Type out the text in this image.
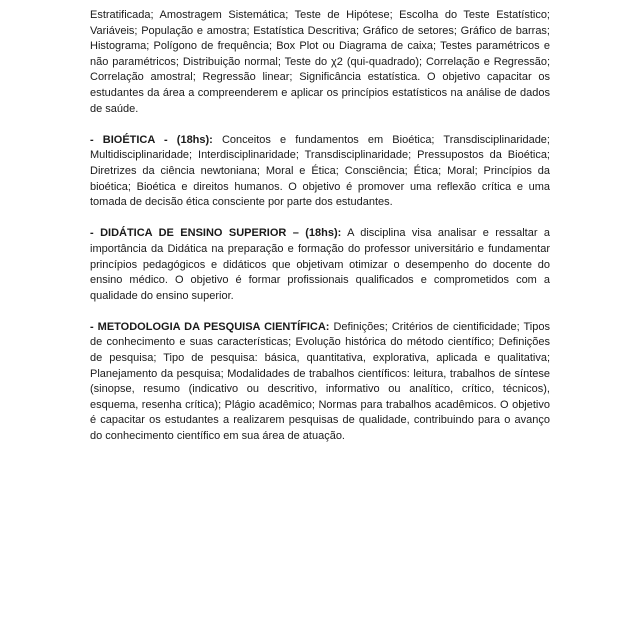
Estratificada; Amostragem Sistemática; Teste de Hipótese; Escolha do Teste Estatístico; Variáveis; População e amostra; Estatística Descritiva; Gráfico de setores; Gráfico de barras; Histograma; Polígono de frequência; Box Plot ou Diagrama de caixa; Testes paramétricos e não paramétricos; Distribuição normal; Teste do χ2 (qui-quadrado); Correlação e Regressão; Correlação amostral; Regressão linear; Significância estatística. O objetivo capacitar os estudantes da área a compreenderem e aplicar os princípios estatísticos na análise de dados de saúde.

- BIOÉTICA - (18hs): Conceitos e fundamentos em Bioética; Transdisciplinaridade; Multidisciplinaridade; Interdisciplinaridade; Transdisciplinaridade; Pressupostos da Bioética; Diretrizes da ciência newtoniana; Moral e Ética; Consciência; Ética; Moral; Princípios da bioética; Bioética e direitos humanos. O objetivo é promover uma reflexão crítica e uma tomada de decisão ética consciente por parte dos estudantes.

- DIDÁTICA DE ENSINO SUPERIOR – (18hs): A disciplina visa analisar e ressaltar a importância da Didática na preparação e formação do professor universitário e fundamentar princípios pedagógicos e didáticos que objetivam otimizar o desempenho do docente do ensino médico. O objetivo é formar profissionais qualificados e comprometidos com a qualidade do ensino superior.

- METODOLOGIA DA PESQUISA CIENTÍFICA: Definições; Critérios de cientificidade; Tipos de conhecimento e suas características; Evolução histórica do método científico; Definições de pesquisa; Tipo de pesquisa: básica, quantitativa, explorativa, aplicada e qualitativa; Planejamento da pesquisa; Modalidades de trabalhos científicos: leitura, trabalhos de síntese (sinopse, resumo (indicativo ou descritivo, informativo ou analítico, crítico, técnicos), esquema, resenha crítica); Plágio acadêmico; Normas para trabalhos acadêmicos. O objetivo é capacitar os estudantes a realizarem pesquisas de qualidade, contribuindo para o avanço do conhecimento científico em sua área de atuação.
